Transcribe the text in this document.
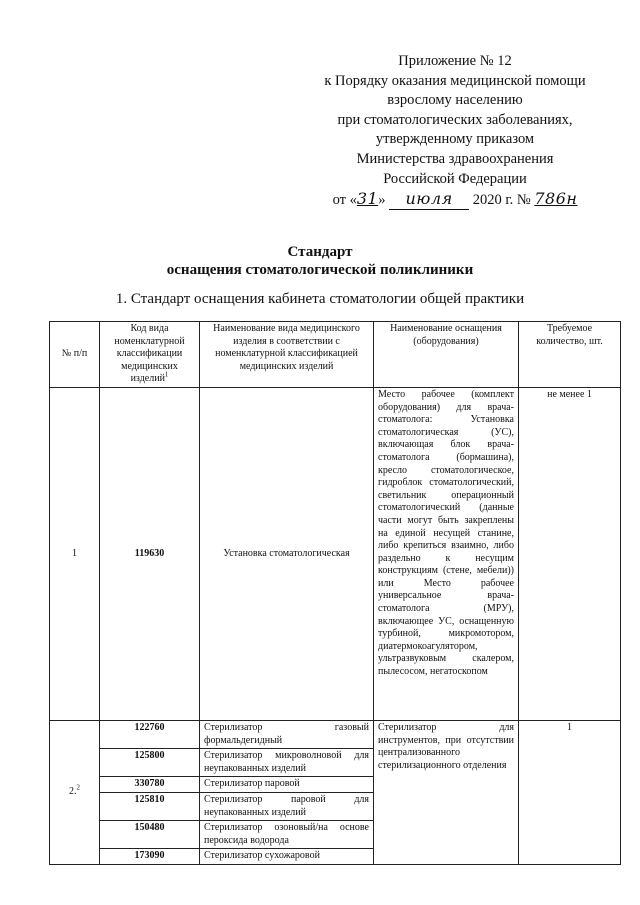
Приложение № 12
к Порядку оказания медицинской помощи
взрослому населению
при стоматологических заболеваниях,
утвержденному приказом
Министерства здравоохранения
Российской Федерации
от «31» июля 2020 г. № 786н
Стандарт
оснащения стоматологической поликлиники
1. Стандарт оснащения кабинета стоматологии общей практики
№ п/п	Код вида номенклатурной классификации медицинских изделий$^1$	Наименование вида медицинского изделия в соответствии с номенклатурной классификацией медицинских изделий	Наименование оснащения (оборудования)	Требуемое количество, шт.
1	119630	Установка стоматологическая	Место рабочее (комплект оборудования) для врача-стоматолога: Установка стоматологическая (УС), включающая блок врача-стоматолога (бормашина), кресло стоматологическое, гидроблок стоматологический, светильник операционный стоматологический (данные части могут быть закреплены на единой несущей станине, либо крепиться взаимно, либо раздельно к несущим конструкциям (стене, мебели)) или Место рабочее универсальное врача-стоматолога (МРУ), включающее УС, оснащенную турбиной, микромотором, диатермокоагулятором, ультразвуковым скалером, пылесосом, негатоскопом	не менее 1
2.$^2$	122760	Стерилизатор газовый формальдегидный	Стерилизатор для инструментов, при отсутствии централизованного стерилизационного отделения	1
	125800	Стерилизатор микроволновой для неупакованных изделий		
	330780	Стерилизатор паровой		
	125810	Стерилизатор паровой для неупакованных изделий		
	150480	Стерилизатор озоновый/на основе пероксида водорода		
	173090	Стерилизатор сухожаровой		
